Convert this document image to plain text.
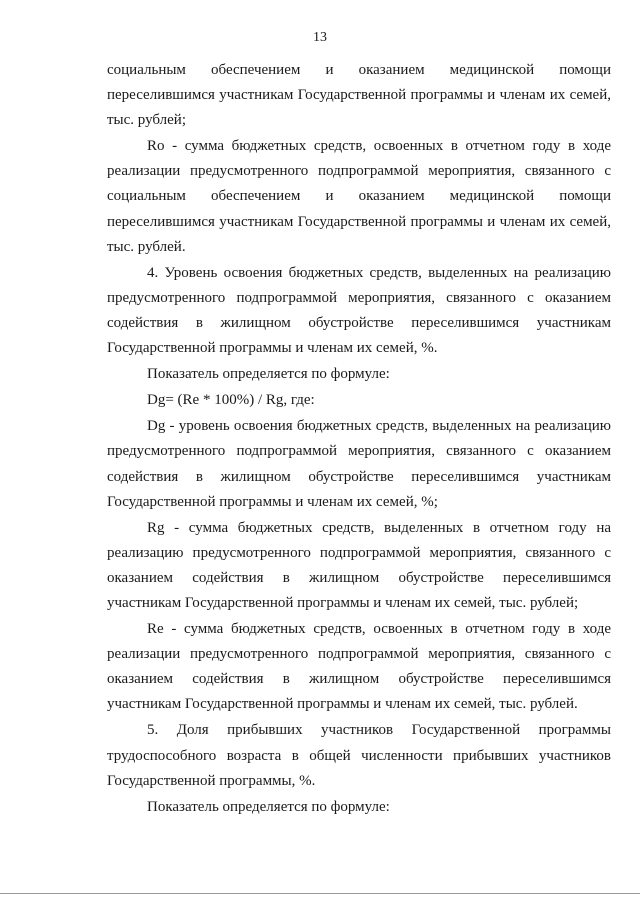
13

социальным обеспечением и оказанием медицинской помощи переселившимся участникам Государственной программы и членам их семей, тыс. рублей;

Ro - сумма бюджетных средств, освоенных в отчетном году в ходе реализации предусмотренного подпрограммой мероприятия, связанного с социальным обеспечением и оказанием медицинской помощи переселившимся участникам Государственной программы и членам их семей, тыс. рублей.

4. Уровень освоения бюджетных средств, выделенных на реализацию предусмотренного подпрограммой мероприятия, связанного с оказанием содействия в жилищном обустройстве переселившимся участникам Государственной программы и членам их семей, %.

Показатель определяется по формуле:

Dg= (Re * 100%) / Rg, где:

Dg - уровень освоения бюджетных средств, выделенных на реализацию предусмотренного подпрограммой мероприятия, связанного с оказанием содействия в жилищном обустройстве переселившимся участникам Государственной программы и членам их семей, %;

Rg - сумма бюджетных средств, выделенных в отчетном году на реализацию предусмотренного подпрограммой мероприятия, связанного с оказанием содействия в жилищном обустройстве переселившимся участникам Государственной программы и членам их семей, тыс. рублей;

Re - сумма бюджетных средств, освоенных в отчетном году в ходе реализации предусмотренного подпрограммой мероприятия, связанного с оказанием содействия в жилищном обустройстве переселившимся участникам Государственной программы и членам их семей, тыс. рублей.

5. Доля прибывших участников Государственной программы трудоспособного возраста в общей численности прибывших участников Государственной программы, %.

Показатель определяется по формуле:
